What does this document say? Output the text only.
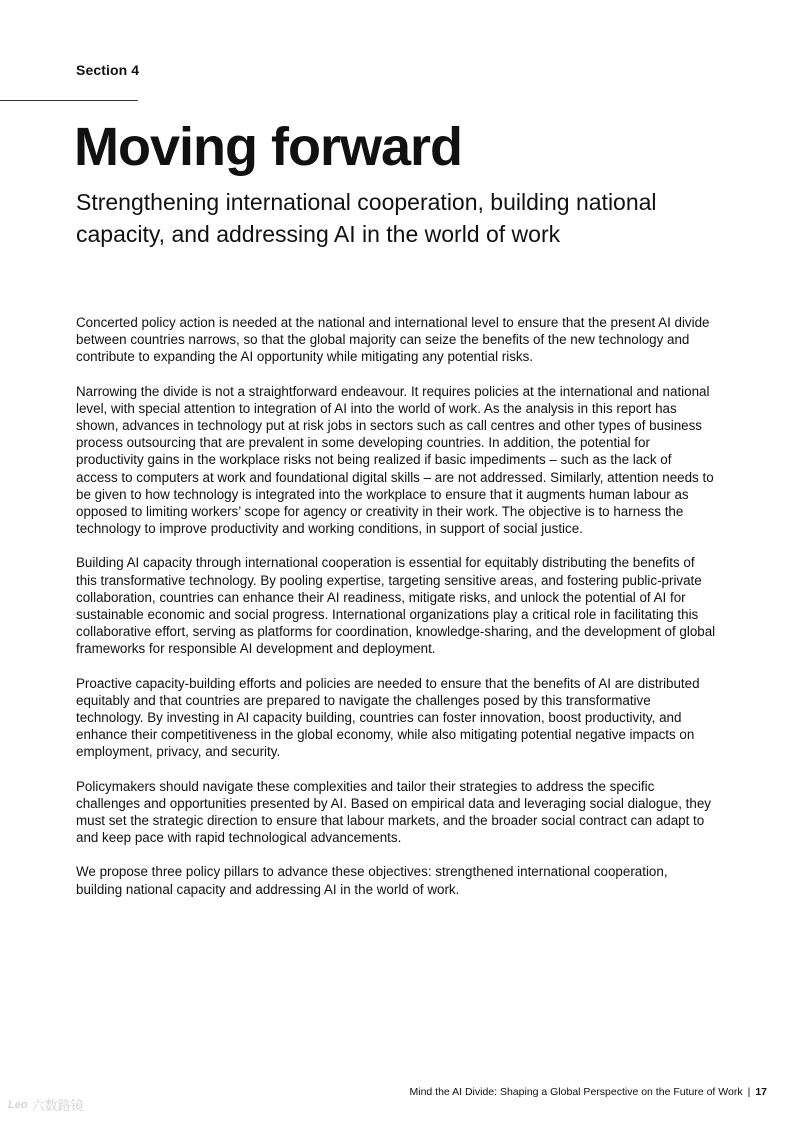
Section 4
Moving forward
Strengthening international cooperation, building national capacity, and addressing AI in the world of work

Concerted policy action is needed at the national and international level to ensure that the present AI divide between countries narrows, so that the global majority can seize the benefits of the new technology and contribute to expanding the AI opportunity while mitigating any potential risks.

Narrowing the divide is not a straightforward endeavour. It requires policies at the international and national level, with special attention to integration of AI into the world of work. As the analysis in this report has shown, advances in technology put at risk jobs in sectors such as call centres and other types of business process outsourcing that are prevalent in some developing countries. In addition, the potential for productivity gains in the workplace risks not being realized if basic impediments – such as the lack of access to computers at work and foundational digital skills – are not addressed. Similarly, attention needs to be given to how technology is integrated into the workplace to ensure that it augments human labour as opposed to limiting workers’ scope for agency or creativity in their work. The objective is to harness the technology to improve productivity and working conditions, in support of social justice.

Building AI capacity through international cooperation is essential for equitably distributing the benefits of this transformative technology. By pooling expertise, targeting sensitive areas, and fostering public-private collaboration, countries can enhance their AI readiness, mitigate risks, and unlock the potential of AI for sustainable economic and social progress. International organizations play a critical role in facilitating this collaborative effort, serving as platforms for coordination, knowledge-sharing, and the development of global frameworks for responsible AI development and deployment.

Proactive capacity-building efforts and policies are needed to ensure that the benefits of AI are distributed equitably and that countries are prepared to navigate the challenges posed by this transformative technology. By investing in AI capacity building, countries can foster innovation, boost productivity, and enhance their competitiveness in the global economy, while also mitigating potential negative impacts on employment, privacy, and security.

Policymakers should navigate these complexities and tailor their strategies to address the specific challenges and opportunities presented by AI. Based on empirical data and leveraging social dialogue, they must set the strategic direction to ensure that labour markets, and the broader social contract can adapt to and keep pace with rapid technological advancements.

We propose three policy pillars to advance these objectives: strengthened international cooperation, building national capacity and addressing AI in the world of work.

Mind the AI Divide: Shaping a Global Perspective on the Future of Work | 17
Leo 六数路镜
